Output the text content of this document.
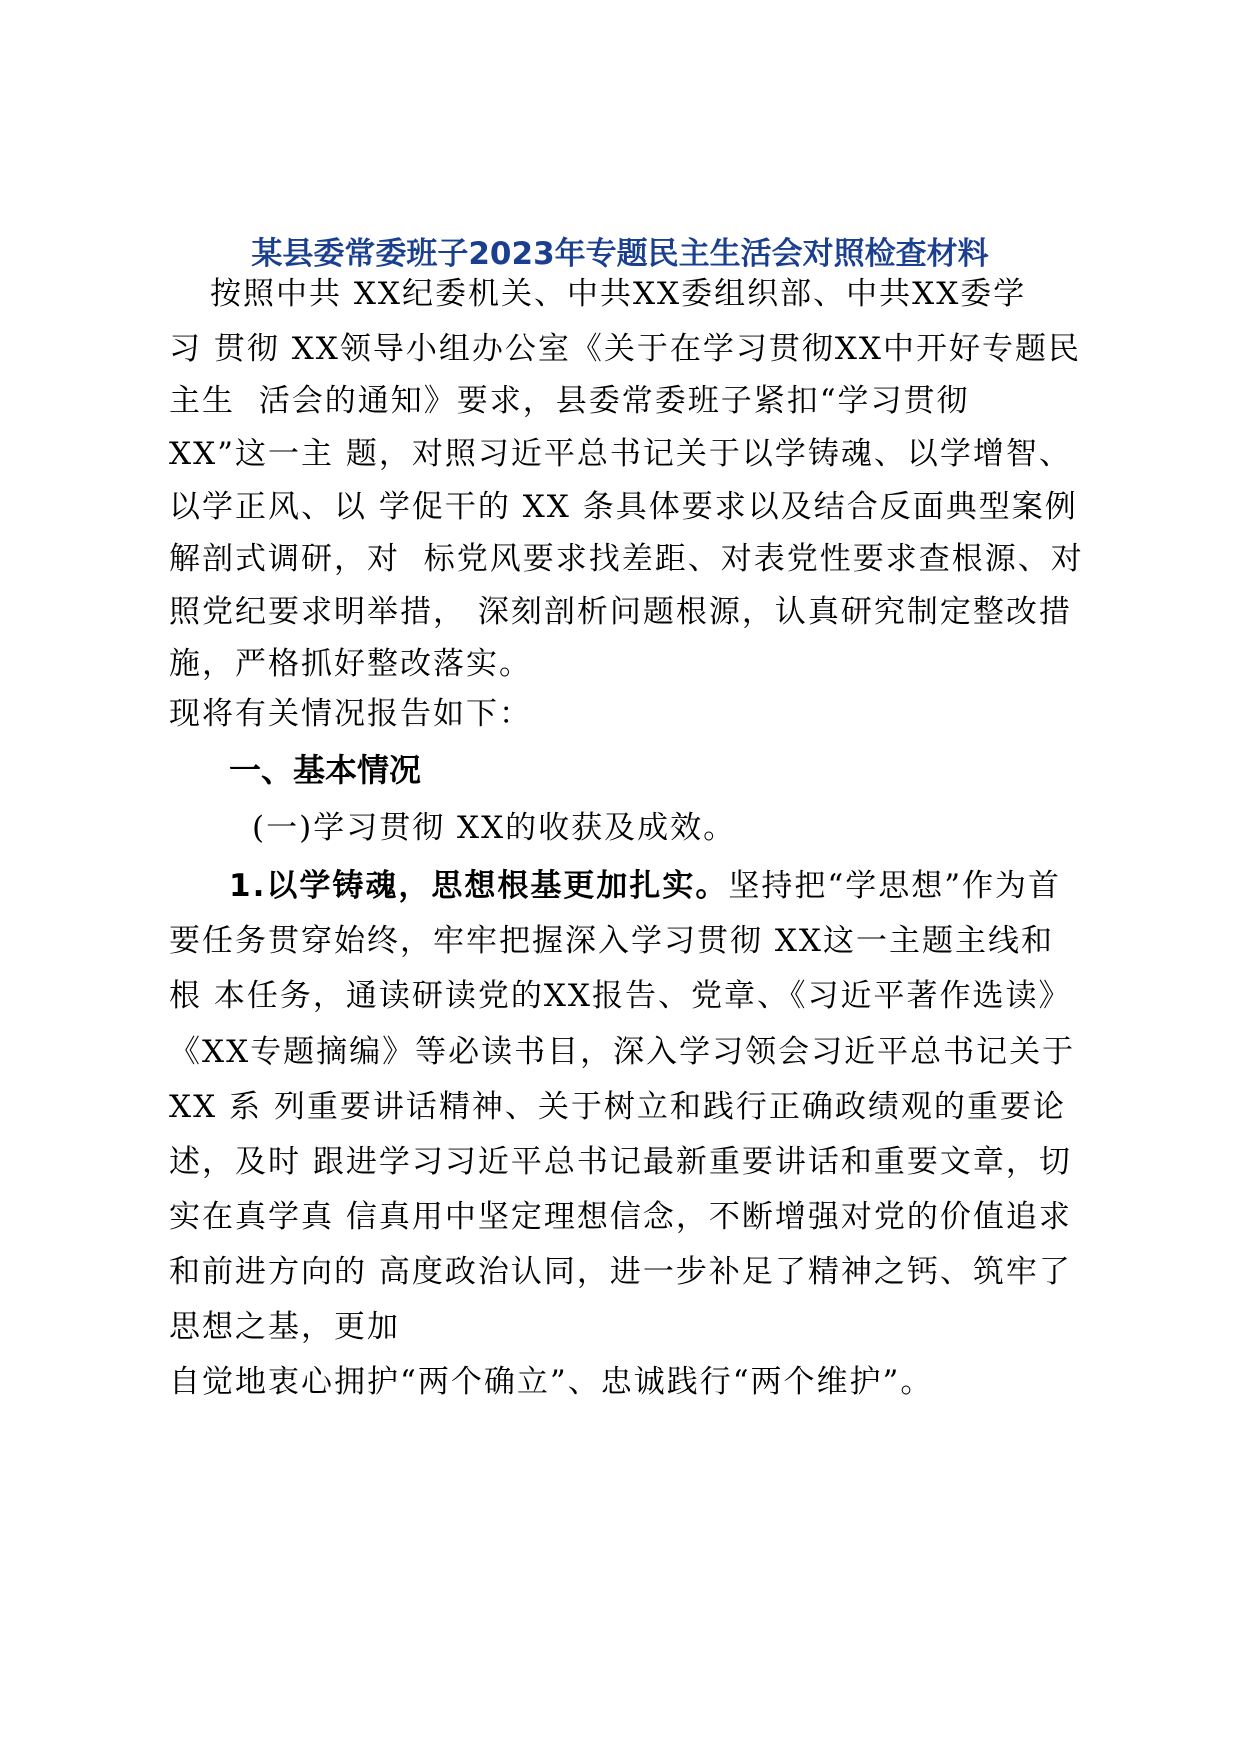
某县委常委班子2023年专题民主生活会对照检查材料
按照中共 XX纪委机关、中共XX委组织部、中共XX委学
习 贯彻 XX领导小组办公室《关于在学习贯彻XX中开好专题民
主生  活会的通知》要求，县委常委班子紧扣“学习贯彻
XX”这一主 题，对照习近平总书记关于以学铸魂、以学增智、
以学正风、以 学促干的 XX 条具体要求以及结合反面典型案例
解剖式调研，对  标党风要求找差距、对表党性要求查根源、对
照党纪要求明举措， 深刻剖析问题根源，认真研究制定整改措
施，严格抓好整改落实。
现将有关情况报告如下：
一、基本情况
(一)学习贯彻 XX的收获及成效。
1.以学铸魂，思想根基更加扎实。坚持把“学思想”作为首
要任务贯穿始终，牢牢把握深入学习贯彻 XX这一主题主线和
根 本任务，通读研读党的XX报告、党章、《习近平著作选读》
《XX专题摘编》等必读书目，深入学习领会习近平总书记关于
XX 系 列重要讲话精神、关于树立和践行正确政绩观的重要论
述，及时 跟进学习习近平总书记最新重要讲话和重要文章，切
实在真学真 信真用中坚定理想信念，不断增强对党的价值追求
和前进方向的 高度政治认同，进一步补足了精神之钙、筑牢了
思想之基，更加
自觉地衷心拥护“两个确立”、忠诚践行“两个维护”。
